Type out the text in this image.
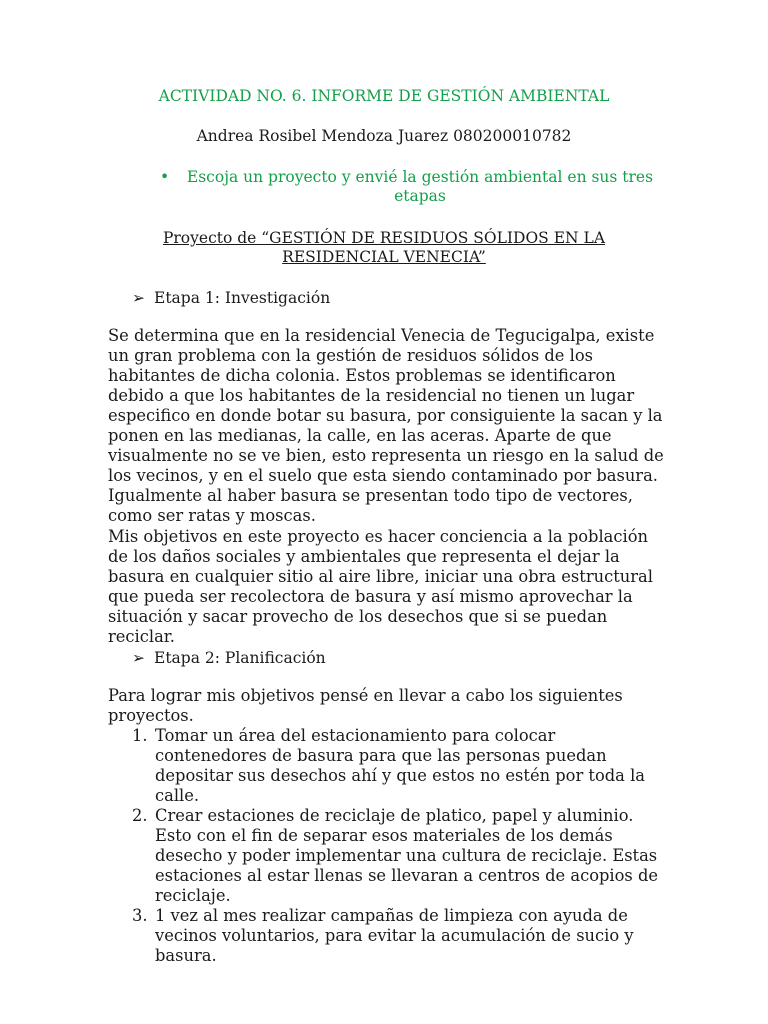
ACTIVIDAD NO. 6. INFORME DE GESTIÓN AMBIENTAL
Andrea Rosibel Mendoza Juarez 080200010782
•	Escoja un proyecto y envié la gestión ambiental en sus tres etapas
Proyecto de “GESTIÓN DE RESIDUOS SÓLIDOS EN LA RESIDENCIAL VENECIA”
➢ Etapa 1: Investigación
Se determina que en la residencial Venecia de Tegucigalpa, existe un gran problema con la gestión de residuos sólidos de los habitantes de dicha colonia. Estos problemas se identificaron debido a que los habitantes de la residencial no tienen un lugar especifico en donde botar su basura, por consiguiente la sacan y la ponen en las medianas, la calle, en las aceras. Aparte de que visualmente no se ve bien, esto representa un riesgo en la salud de los vecinos, y en el suelo que esta siendo contaminado por basura. Igualmente al haber basura se presentan todo tipo de vectores, como ser ratas y moscas.
Mis objetivos en este proyecto es hacer conciencia a la población de los daños sociales y ambientales que representa el dejar la basura en cualquier sitio al aire libre, iniciar una obra estructural que pueda ser recolectora de basura y así mismo aprovechar la situación y sacar provecho de los desechos que si se puedan reciclar.
➢ Etapa 2: Planificación
Para lograr mis objetivos pensé en llevar a cabo los siguientes proyectos.
1. Tomar un área del estacionamiento para colocar contenedores de basura para que las personas puedan depositar sus desechos ahí y que estos no estén por toda la calle.
2. Crear estaciones de reciclaje de platico, papel y aluminio. Esto con el fin de separar esos materiales de los demás desecho y poder implementar una cultura de reciclaje. Estas estaciones al estar llenas se llevaran a centros de acopios de reciclaje.
3. 1 vez al mes realizar campañas de limpieza con ayuda de vecinos voluntarios, para evitar la acumulación de sucio y basura.
